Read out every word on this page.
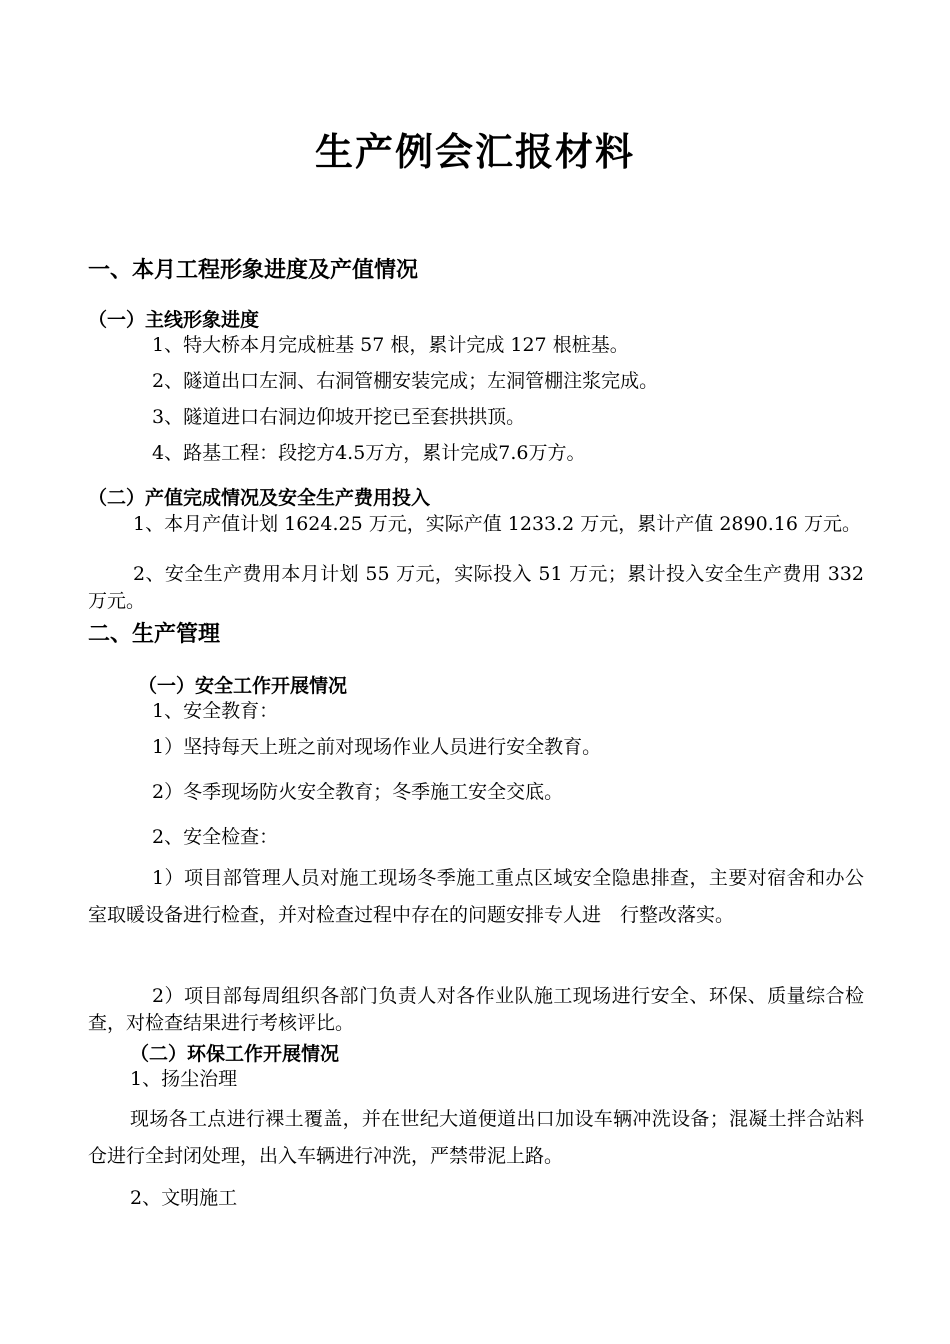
生产例会汇报材料
一、本月工程形象进度及产值情况
（一）主线形象进度
1、特大桥本月完成桩基 57 根，累计完成 127 根桩基。
2、隧道出口左洞、右洞管棚安装完成；左洞管棚注浆完成。
3、隧道进口右洞边仰坡开挖已至套拱拱顶。
4、路基工程：段挖方4.5万方，累计完成7.6万方。
（二）产值完成情况及安全生产费用投入

1、本月产值计划 1624.25 万元，实际产值 1233.2 万元，累计产值 2890.16 万元。

2、安全生产费用本月计划 55 万元，实际投入 51 万元；累计投入安全生产费用 332 万元。

二、生产管理
（一）安全工作开展情况
1、安全教育：
1）坚持每天上班之前对现场作业人员进行安全教育。
2）冬季现场防火安全教育；冬季施工安全交底。
2、安全检查：

1）项目部管理人员对施工现场冬季施工重点区域安全隐患排查，主要对宿舍和办公室取暖设备进行检查，并对检查过程中存在的问题安排专人进　行整改落实。

2）项目部每周组织各部门负责人对各作业队施工现场进行安全、环保、质量综合检查，对检查结果进行考核评比。

（二）环保工作开展情况
1、扬尘治理

现场各工点进行裸土覆盖，并在世纪大道便道出口加设车辆冲洗设备；混凝土拌合站料仓进行全封闭处理，出入车辆进行冲洗，严禁带泥上路。

2、文明施工
